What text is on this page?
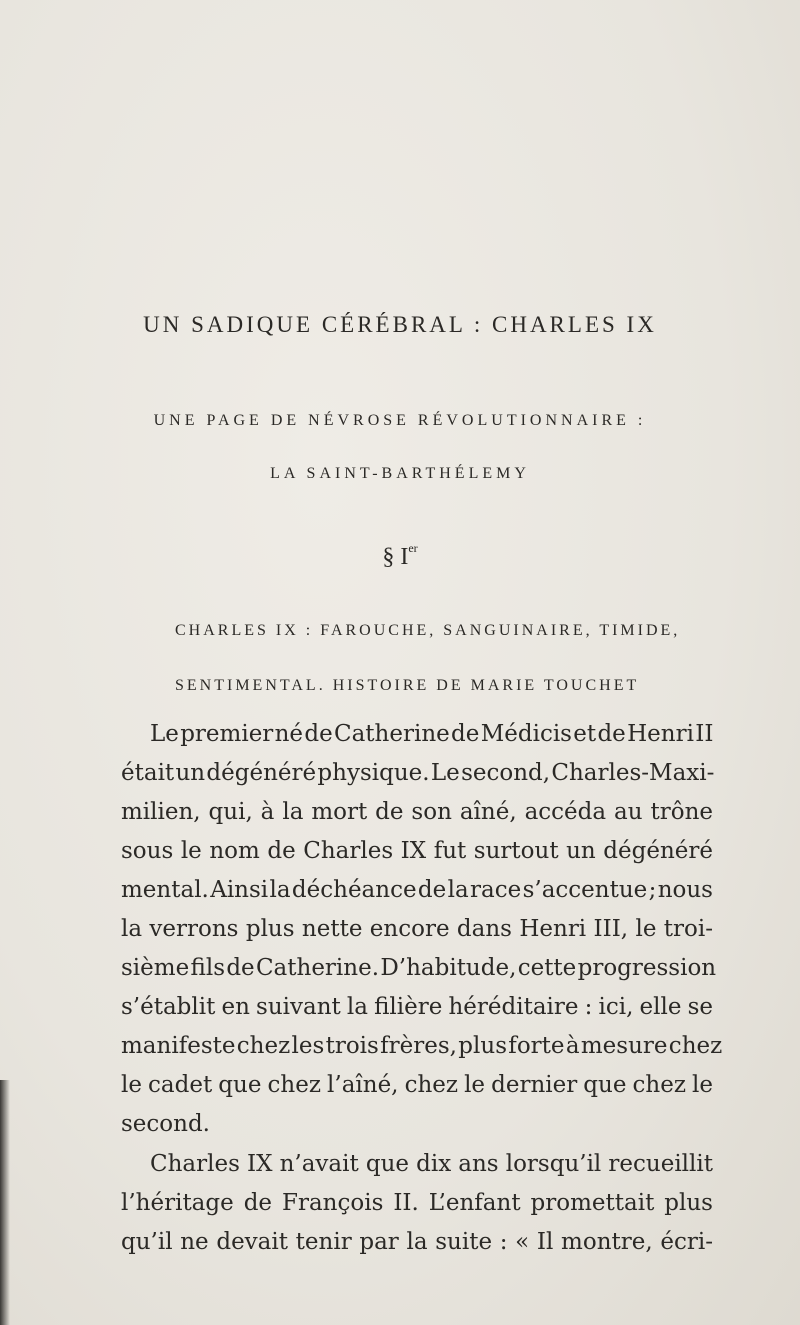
UN SADIQUE CÉRÉBRAL : CHARLES IX
UNE PAGE DE NÉVROSE RÉVOLUTIONNAIRE :
LA SAINT-BARTHÉLEMY
§ Ier
CHARLES IX : FAROUCHE, SANGUINAIRE, TIMIDE,
SENTIMENTAL. HISTOIRE DE MARIE TOUCHET
Le premier né de Catherine de Médicis et de Henri II
était un dégénéré physique. Le second, Charles-Maxi-
milien, qui, à la mort de son aîné, accéda au trône
sous le nom de Charles IX fut surtout un dégénéré
mental. Ainsi la déchéance de la race s’accentue ; nous
la verrons plus nette encore dans Henri III, le troi-
sième fils de Catherine. D’habitude, cette progression
s’établit en suivant la filière héréditaire : ici, elle se
manifeste chez les trois frères, plus forte à mesure chez
le cadet que chez l’aîné, chez le dernier que chez le
second.
Charles IX n’avait que dix ans lorsqu’il recueillit
l’héritage de François II. L’enfant promettait plus
qu’il ne devait tenir par la suite : « Il montre, écri-
